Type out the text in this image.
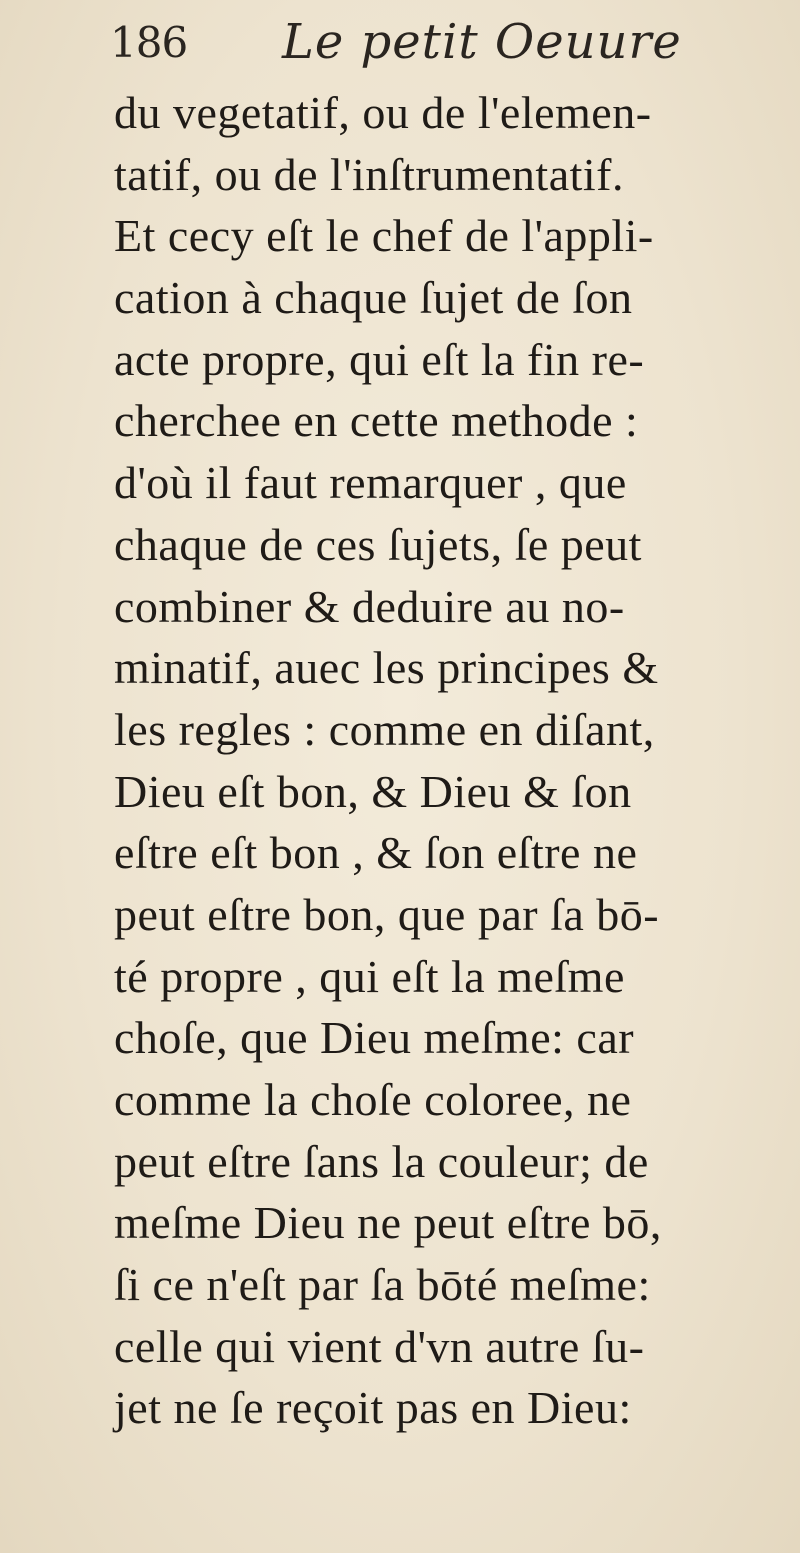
186 Le petit Oeuure
du vegetatif, ou de l'elemen-
tatif, ou de l'inſtrumentatif.
Et cecy eſt le chef de l'appli-
cation à chaque ſujet de ſon
acte propre, qui eſt la fin re-
cherchee en cette methode :
d'où il faut remarquer , que
chaque de ces ſujets, ſe peut
combiner & deduire au no-
minatif, auec les principes &
les regles : comme en diſant,
Dieu eſt bon, & Dieu & ſon
eſtre eſt bon , & ſon eſtre ne
peut eſtre bon, que par ſa bō-
té propre , qui eſt la meſme
choſe, que Dieu meſme: car
comme la choſe coloree, ne
peut eſtre ſans la couleur; de
meſme Dieu ne peut eſtre bō,
ſi ce n'eſt par ſa bōté meſme:
celle qui vient d'vn autre ſu-
jet ne ſe reçoit pas en Dieu:
